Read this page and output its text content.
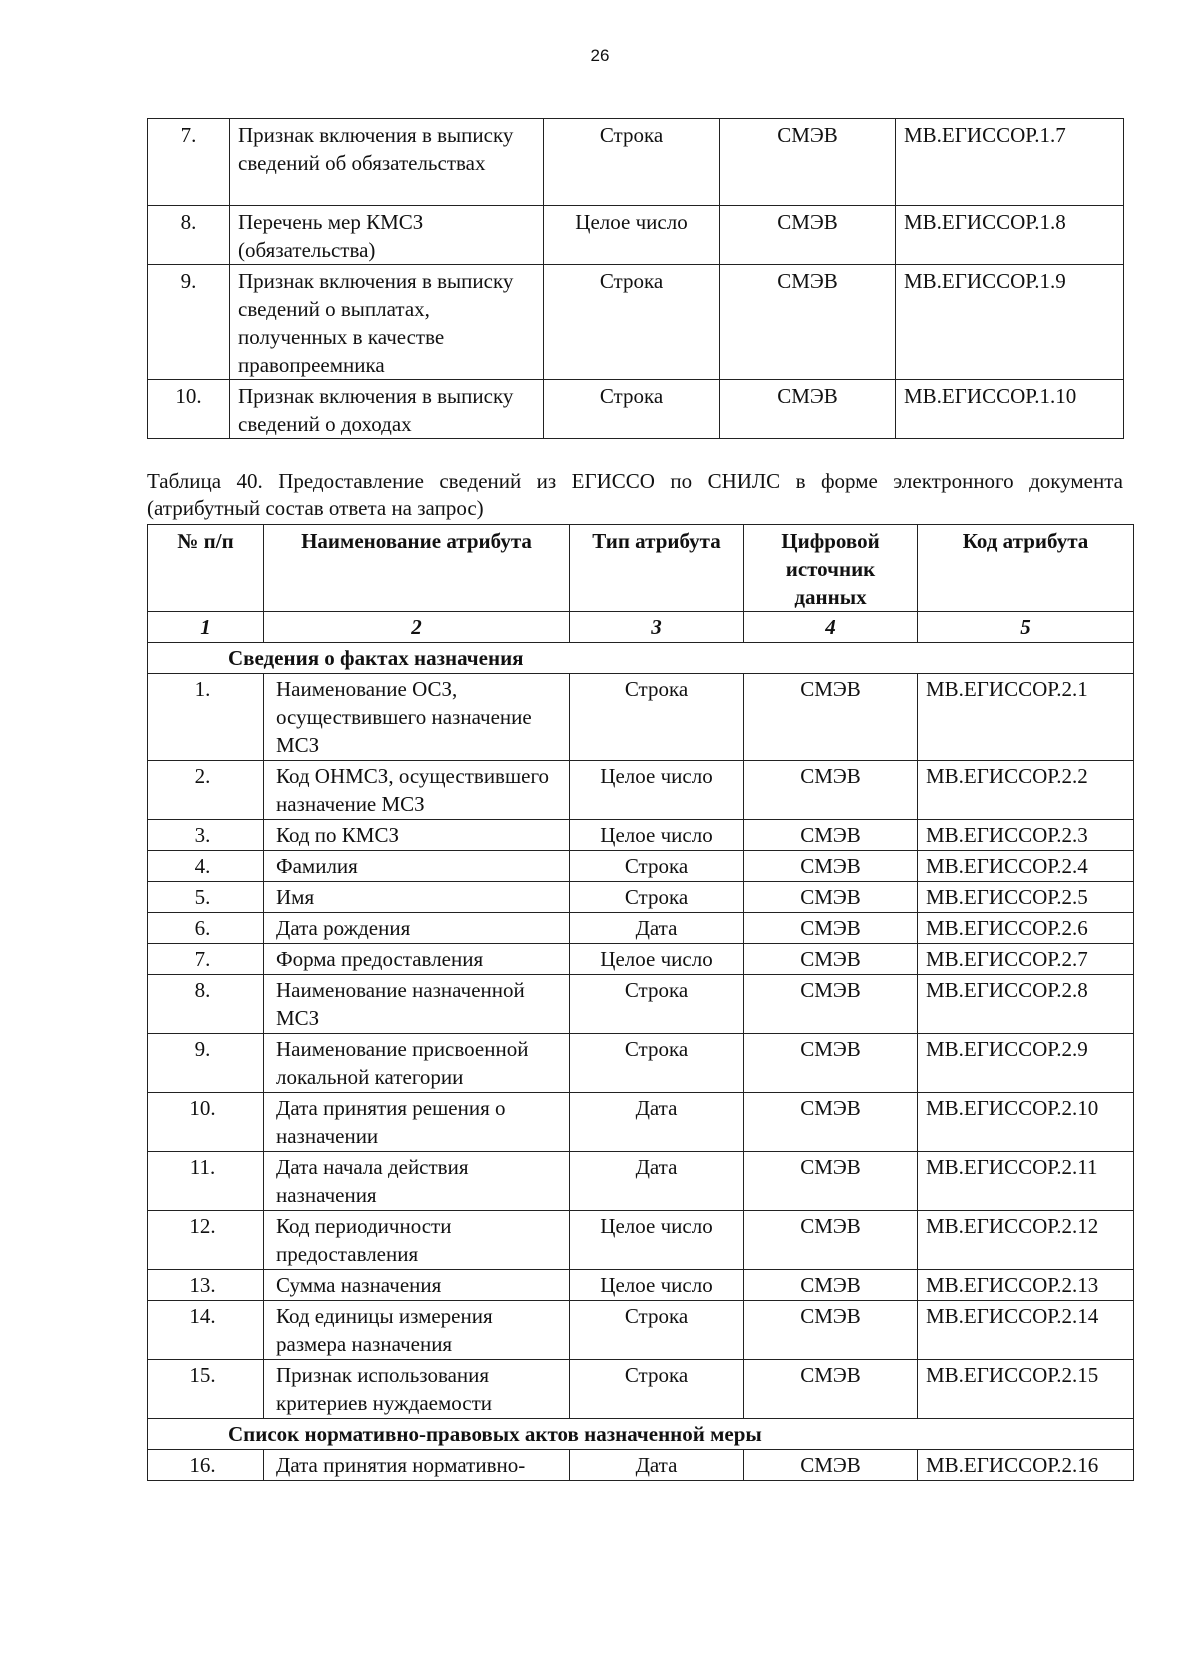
26
7.	Признак включения в выписку сведений об обязательствах	Строка	СМЭВ	МВ.ЕГИССОР.1.7
8.	Перечень мер КМСЗ (обязательства)	Целое число	СМЭВ	МВ.ЕГИССОР.1.8
9.	Признак включения в выписку сведений о выплатах, полученных в качестве правопреемника	Строка	СМЭВ	МВ.ЕГИССОР.1.9
10.	Признак включения в выписку сведений о доходах	Строка	СМЭВ	МВ.ЕГИССОР.1.10
Таблица 40. Предоставление сведений из ЕГИССО по СНИЛС в форме электронного документа (атрибутный состав ответа на запрос)
№ п/п	Наименование атрибута	Тип атрибута	Цифровой источник данных	Код атрибута
1	2	3	4	5
Сведения о фактах назначения				
1.	Наименование ОСЗ, осуществившего назначение МСЗ	Строка	СМЭВ	МВ.ЕГИССОР.2.1
2.	Код ОНМСЗ, осуществившего назначение МСЗ	Целое число	СМЭВ	МВ.ЕГИССОР.2.2
3.	Код по КМСЗ	Целое число	СМЭВ	МВ.ЕГИССОР.2.3
4.	Фамилия	Строка	СМЭВ	МВ.ЕГИССОР.2.4
5.	Имя	Строка	СМЭВ	МВ.ЕГИССОР.2.5
6.	Дата рождения	Дата	СМЭВ	МВ.ЕГИССОР.2.6
7.	Форма предоставления	Целое число	СМЭВ	МВ.ЕГИССОР.2.7
8.	Наименование назначенной МСЗ	Строка	СМЭВ	МВ.ЕГИССОР.2.8
9.	Наименование присвоенной локальной категории	Строка	СМЭВ	МВ.ЕГИССОР.2.9
10.	Дата принятия решения о назначении	Дата	СМЭВ	МВ.ЕГИССОР.2.10
11.	Дата начала действия назначения	Дата	СМЭВ	МВ.ЕГИССОР.2.11
12.	Код периодичности предоставления	Целое число	СМЭВ	МВ.ЕГИССОР.2.12
13.	Сумма назначения	Целое число	СМЭВ	МВ.ЕГИССОР.2.13
14.	Код единицы измерения размера назначения	Строка	СМЭВ	МВ.ЕГИССОР.2.14
15.	Признак использования критериев нуждаемости	Строка	СМЭВ	МВ.ЕГИССОР.2.15
Список нормативно-правовых актов назначенной меры				
16.	Дата принятия нормативно-	Дата	СМЭВ	МВ.ЕГИССОР.2.16
